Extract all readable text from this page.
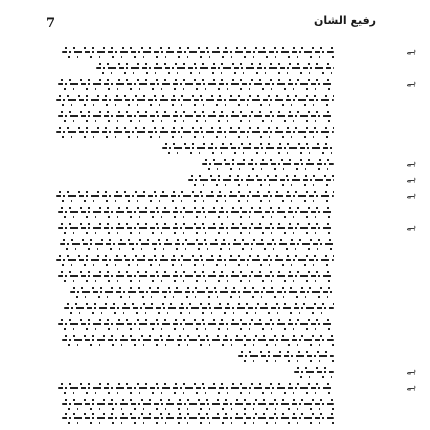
7	رفیع الشان
ہے
ہے
ہے
ہے
ہے
ہے
ہے
ہے
